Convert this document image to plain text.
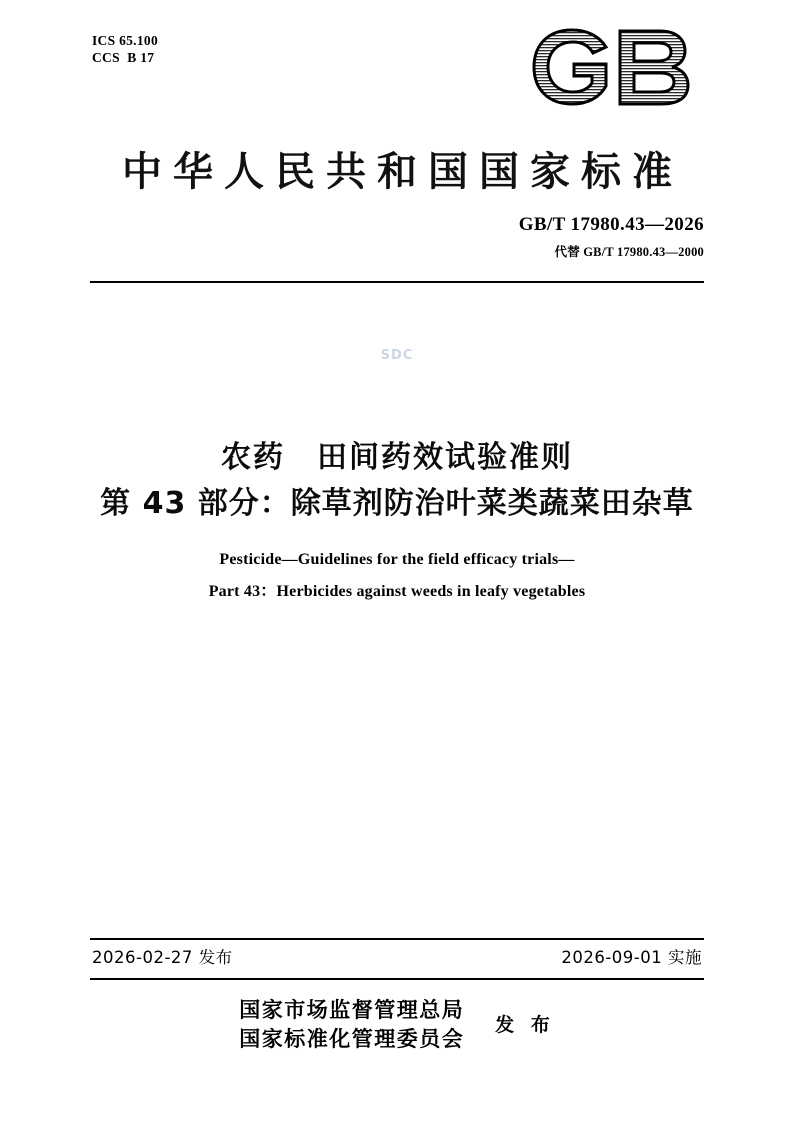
ICS 65.100
CCS  B 17
中华人民共和国国家标准
GB/T 17980.43—2026
代替 GB/T 17980.43—2000
SDC
农药　田间药效试验准则
第 43 部分：除草剂防治叶菜类蔬菜田杂草
Pesticide—Guidelines for the field efficacy trials—
Part 43：Herbicides against weeds in leafy vegetables
2026-02-27 发布	2026-09-01 实施
国家市场监督管理总局
国家标准化管理委员会
发 布
